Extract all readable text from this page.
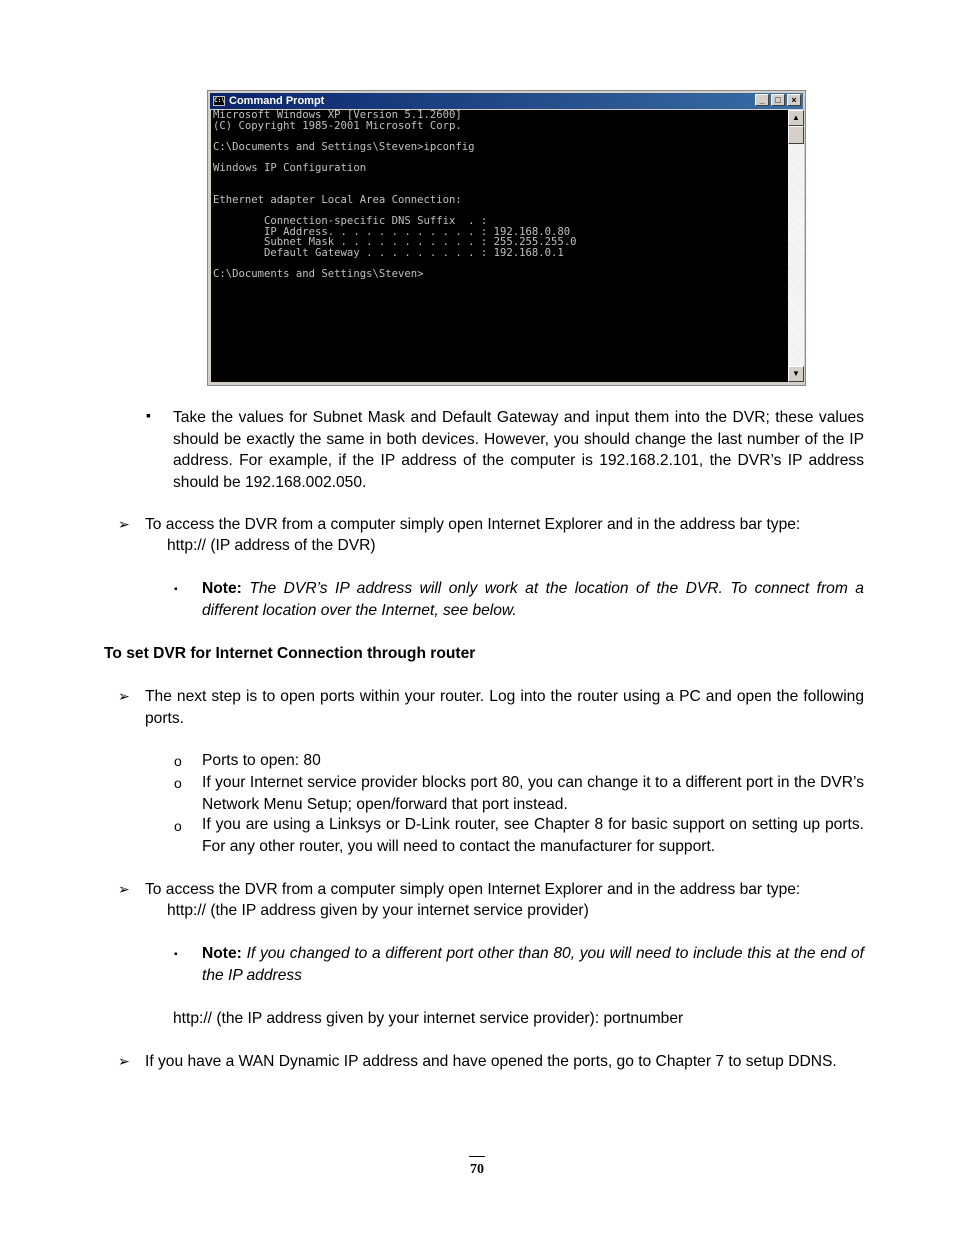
C:\ Command Prompt	_	□	×
Microsoft Windows XP [Version 5.1.2600]
(C) Copyright 1985-2001 Microsoft Corp.
C:\Documents and Settings\Steven>ipconfig
Windows IP Configuration
Ethernet adapter Local Area Connection:
Connection-specific DNS Suffix  . :
IP Address. . . . . . . . . . . . : 192.168.0.80
Subnet Mask . . . . . . . . . . . : 255.255.255.0
Default Gateway . . . . . . . . . : 192.168.0.1
C:\Documents and Settings\Steven>
▲
▼
▪ Take the values for Subnet Mask and Default Gateway and input them into the DVR; these values should be exactly the same in both devices. However, you should change the last number of the IP address. For example, if the IP address of the computer is 192.168.2.101, the DVR’s IP address should be 192.168.002.050.
➢ To access the DVR from a computer simply open Internet Explorer and in the address bar type:
http:// (IP address of the DVR)
▪ Note: The DVR’s IP address will only work at the location of the DVR. To connect from a different location over the Internet, see below.
To set DVR for Internet Connection through router
➢ The next step is to open ports within your router. Log into the router using a PC and open the following ports.
o Ports to open: 80
o If your Internet service provider blocks port 80, you can change it to a different port in the DVR’s Network Menu Setup; open/forward that port instead.
o If you are using a Linksys or D-Link router, see Chapter 8 for basic support on setting up ports. For any other router, you will need to contact the manufacturer for support.
➢ To access the DVR from a computer simply open Internet Explorer and in the address bar type:
http:// (the IP address given by your internet service provider)
▪ Note: If you changed to a different port other than 80, you will need to include this at the end of the IP address
http:// (the IP address given by your internet service provider): portnumber
➢ If you have a WAN Dynamic IP address and have opened the ports, go to Chapter 7 to setup DDNS.
70
